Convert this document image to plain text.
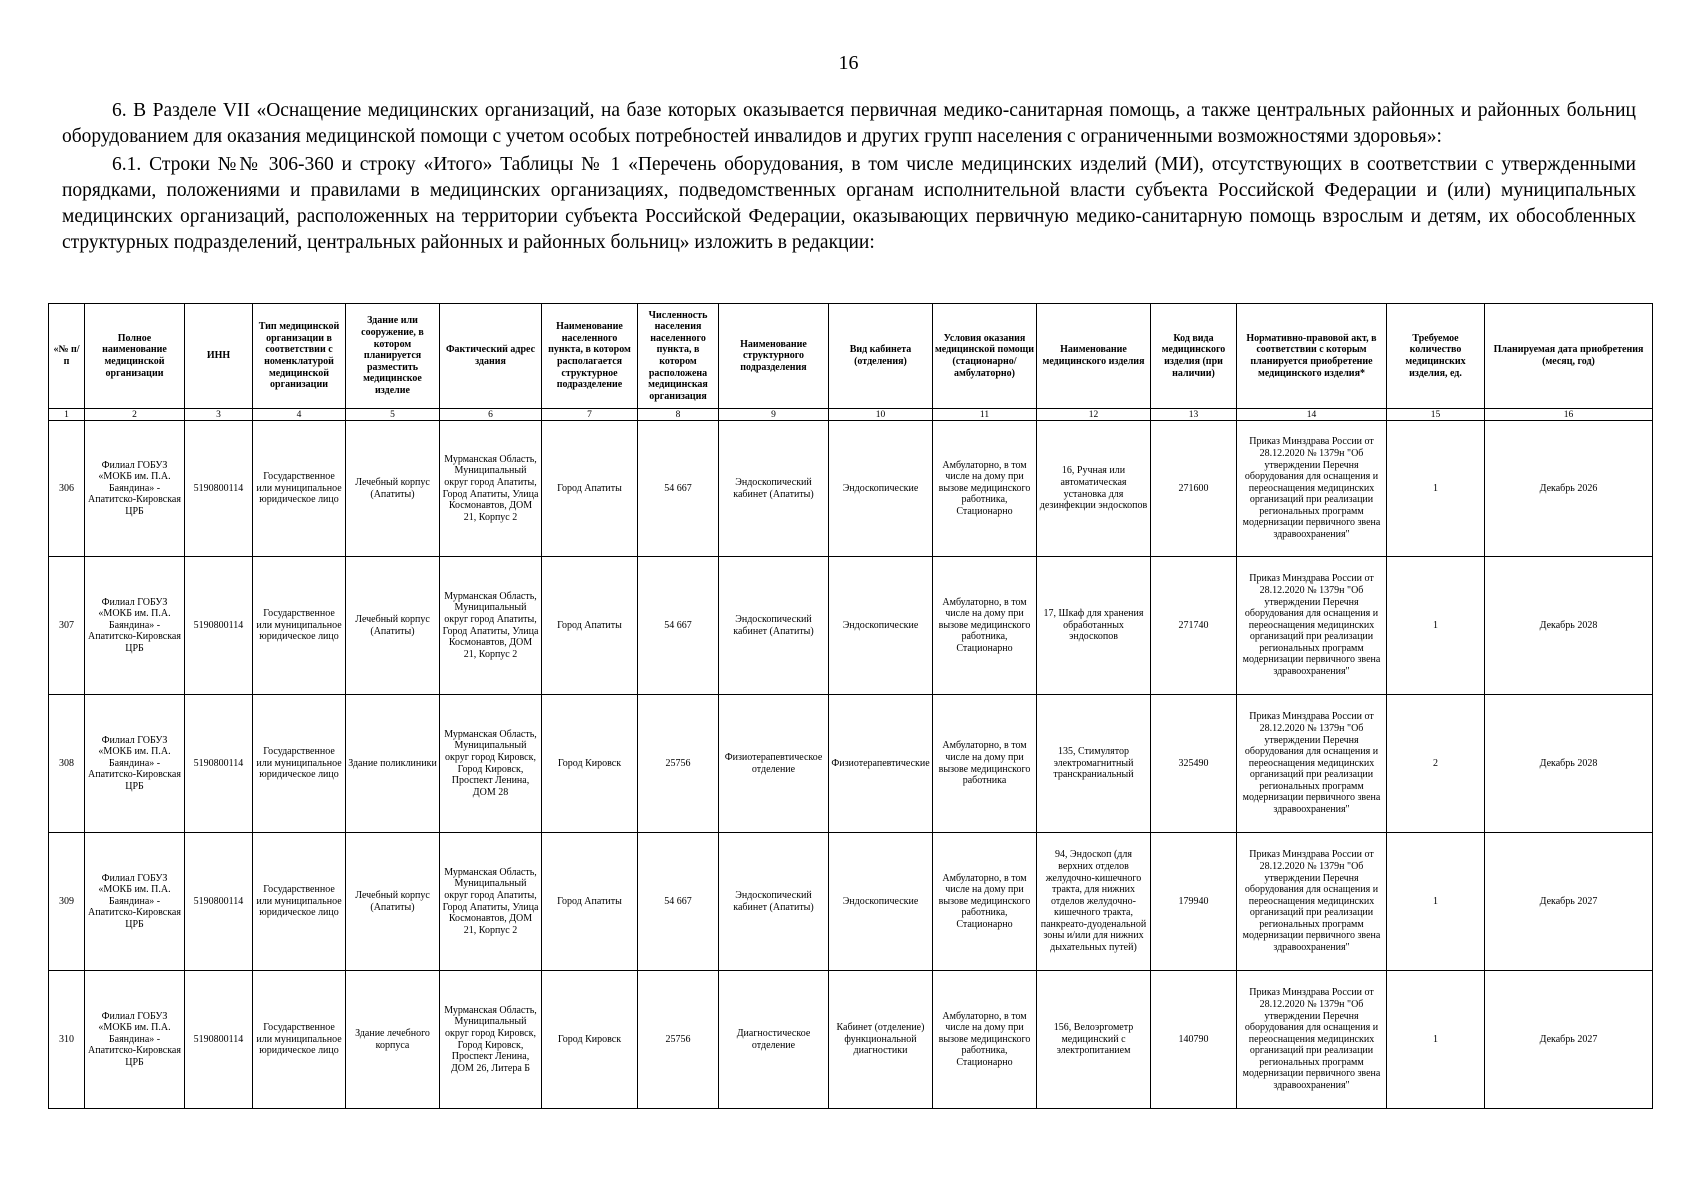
16

6. В Разделе VII «Оснащение медицинских организаций, на базе которых оказывается первичная медико-санитарная помощь, а также центральных районных и районных больниц оборудованием для оказания медицинской помощи с учетом особых потребностей инвалидов и других групп населения с ограниченными возможностями здоровья»:

6.1. Строки №№ 306-360 и строку «Итого» Таблицы № 1 «Перечень оборудования, в том числе медицинских изделий (МИ), отсутствующих в соответствии с утвержденными порядками, положениями и правилами в медицинских организациях, подведомственных органам исполнительной власти субъекта Российской Федерации и (или) муниципальных медицинских организаций, расположенных на территории субъекта Российской Федерации, оказывающих первичную медико-санитарную помощь взрослым и детям, их обособленных структурных подразделений, центральных районных и районных больниц» изложить в редакции:

«№ п/п	Полное наименование медицинской организации	ИНН	Тип медицинской организации в соответствии с номенклатурой медицинской организации	Здание или сооружение, в котором планируется разместить медицинское изделие	Фактический адрес здания	Наименование населенного пункта, в котором располагается структурное подразделение	Численность населения населенного пункта, в котором расположена медицинская организация	Наименование структурного подразделения	Вид кабинета (отделения)	Условия оказания медицинской помощи (стационарно/ амбулаторно)	Наименование медицинского изделия	Код вида медицинского изделия (при наличии)	Нормативно-правовой акт, в соответствии с которым планируется приобретение медицинского изделия*	Требуемое количество медицинских изделия, ед.	Планируемая дата приобретения (месяц, год)
1	2	3	4	5	6	7	8	9	10	11	12	13	14	15	16
306	Филиал ГОБУЗ «МОКБ им. П.А. Баяндина» - Апатитско-Кировская ЦРБ	5190800114	Государственное или муниципальное юридическое лицо	Лечебный корпус (Апатиты)	Мурманская Область, Муниципальный округ город Апатиты, Город Апатиты, Улица Космонавтов, ДОМ 21, Корпус 2	Город Апатиты	54 667	Эндоскопический кабинет (Апатиты)	Эндоскопические	Амбулаторно, в том числе на дому при вызове медицинского работника, Стационарно	16, Ручная или автоматическая установка для дезинфекции эндоскопов	271600	Приказ Минздрава России от 28.12.2020 № 1379н "Об утверждении Перечня оборудования для оснащения и переоснащения медицинских организаций при реализации региональных программ модернизации первичного звена здравоохранения"	1	Декабрь 2026
307	Филиал ГОБУЗ «МОКБ им. П.А. Баяндина» - Апатитско-Кировская ЦРБ	5190800114	Государственное или муниципальное юридическое лицо	Лечебный корпус (Апатиты)	Мурманская Область, Муниципальный округ город Апатиты, Город Апатиты, Улица Космонавтов, ДОМ 21, Корпус 2	Город Апатиты	54 667	Эндоскопический кабинет (Апатиты)	Эндоскопические	Амбулаторно, в том числе на дому при вызове медицинского работника, Стационарно	17, Шкаф для хранения обработанных эндоскопов	271740	Приказ Минздрава России от 28.12.2020 № 1379н "Об утверждении Перечня оборудования для оснащения и переоснащения медицинских организаций при реализации региональных программ модернизации первичного звена здравоохранения"	1	Декабрь 2028
308	Филиал ГОБУЗ «МОКБ им. П.А. Баяндина» - Апатитско-Кировская ЦРБ	5190800114	Государственное или муниципальное юридическое лицо	Здание поликлиники	Мурманская Область, Муниципальный округ город Кировск, Город Кировск, Проспект Ленина, ДОМ 28	Город Кировск	25756	Физиотерапевтическое отделение	Физиотерапевтические	Амбулаторно, в том числе на дому при вызове медицинского работника	135, Стимулятор электромагнитный транскраниальный	325490	Приказ Минздрава России от 28.12.2020 № 1379н "Об утверждении Перечня оборудования для оснащения и переоснащения медицинских организаций при реализации региональных программ модернизации первичного звена здравоохранения"	2	Декабрь 2028
309	Филиал ГОБУЗ «МОКБ им. П.А. Баяндина» - Апатитско-Кировская ЦРБ	5190800114	Государственное или муниципальное юридическое лицо	Лечебный корпус (Апатиты)	Мурманская Область, Муниципальный округ город Апатиты, Город Апатиты, Улица Космонавтов, ДОМ 21, Корпус 2	Город Апатиты	54 667	Эндоскопический кабинет (Апатиты)	Эндоскопические	Амбулаторно, в том числе на дому при вызове медицинского работника, Стационарно	94, Эндоскоп (для верхних отделов желудочно-кишечного тракта, для нижних отделов желудочно-кишечного тракта, панкреато-дуоденальной зоны и/или для нижних дыхательных путей)	179940	Приказ Минздрава России от 28.12.2020 № 1379н "Об утверждении Перечня оборудования для оснащения и переоснащения медицинских организаций при реализации региональных программ модернизации первичного звена здравоохранения"	1	Декабрь 2027
310	Филиал ГОБУЗ «МОКБ им. П.А. Баяндина» - Апатитско-Кировская ЦРБ	5190800114	Государственное или муниципальное юридическое лицо	Здание лечебного корпуса	Мурманская Область, Муниципальный округ город Кировск, Город Кировск, Проспект Ленина, ДОМ 26, Литера Б	Город Кировск	25756	Диагностическое отделение	Кабинет (отделение) функциональной диагностики	Амбулаторно, в том числе на дому при вызове медицинского работника, Стационарно	156, Велоэргометр медицинский с электропитанием	140790	Приказ Минздрава России от 28.12.2020 № 1379н "Об утверждении Перечня оборудования для оснащения и переоснащения медицинских организаций при реализации региональных программ модернизации первичного звена здравоохранения"	1	Декабрь 2027
